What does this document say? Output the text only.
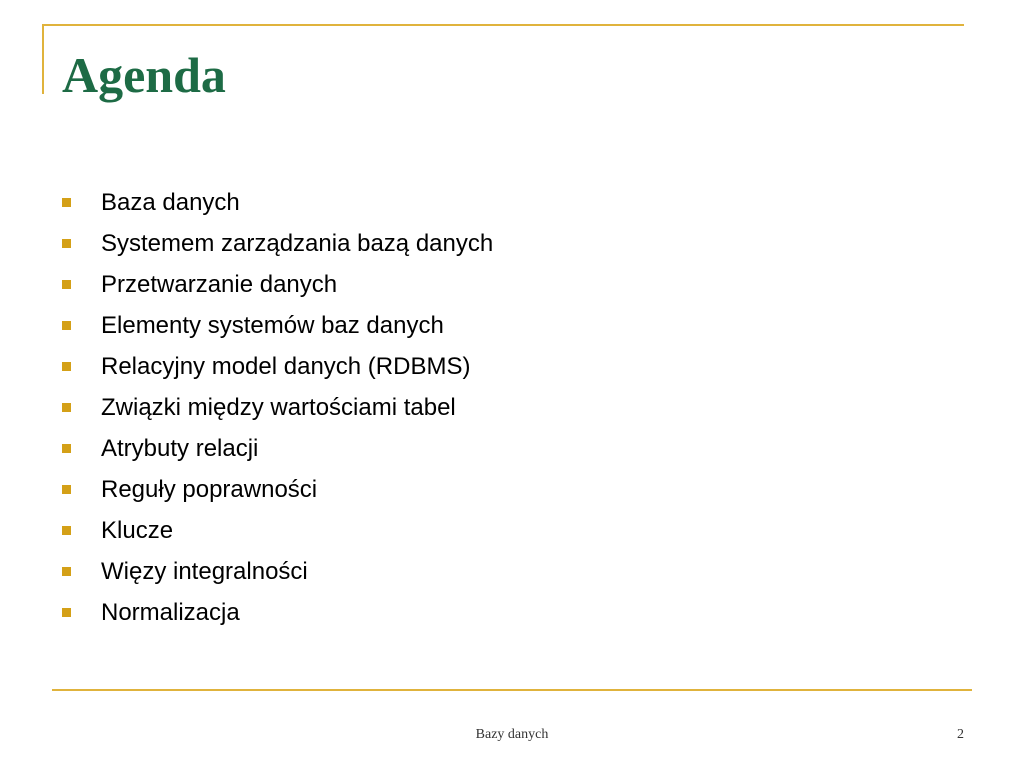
Agenda
Baza danych
Systemem zarządzania bazą danych
Przetwarzanie danych
Elementy systemów baz danych
Relacyjny model danych (RDBMS)
Związki między wartościami tabel
Atrybuty relacji
Reguły poprawności
Klucze
Więzy integralności
Normalizacja
Bazy danych	2
